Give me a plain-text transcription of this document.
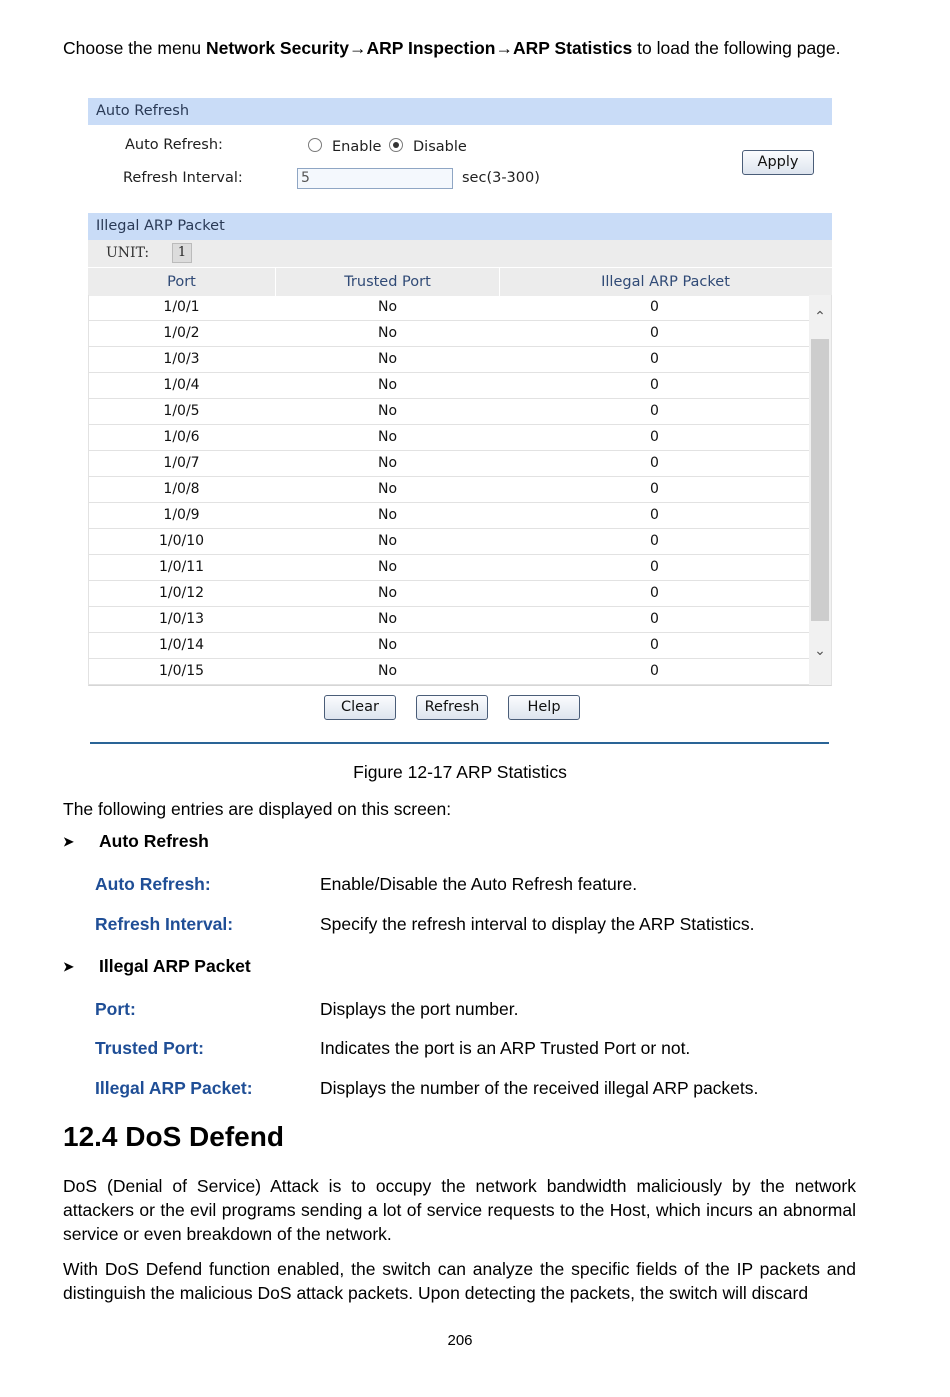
Choose the menu Network Security→ARP Inspection→ARP Statistics to load the following page.
Auto Refresh
Auto Refresh:	Enable Disable
Apply
Refresh Interval:	5	sec(3-300)
Illegal ARP Packet
UNIT:	1
Port	Trusted Port	Illegal ARP Packet
1/0/1	No	0
1/0/2	No	0
1/0/3	No	0
1/0/4	No	0
1/0/5	No	0
1/0/6	No	0
1/0/7	No	0
1/0/8	No	0
1/0/9	No	0
1/0/10	No	0
1/0/11	No	0
1/0/12	No	0
1/0/13	No	0
1/0/14	No	0
1/0/15	No	0
⌃
⌄
Clear	Refresh	Help
Figure 12-17 ARP Statistics
The following entries are displayed on this screen:
➤ Auto Refresh
Auto Refresh:	Enable/Disable the Auto Refresh feature.
Refresh Interval:	Specify the refresh interval to display the ARP Statistics.
➤ Illegal ARP Packet
Port:	Displays the port number.
Trusted Port:	Indicates the port is an ARP Trusted Port or not.
Illegal ARP Packet:	Displays the number of the received illegal ARP packets.
12.4 DoS Defend
DoS (Denial of Service) Attack is to occupy the network bandwidth maliciously by the network attackers or the evil programs sending a lot of service requests to the Host, which incurs an abnormal service or even breakdown of the network.
With DoS Defend function enabled, the switch can analyze the specific fields of the IP packets and distinguish the malicious DoS attack packets. Upon detecting the packets, the switch will discard
206
